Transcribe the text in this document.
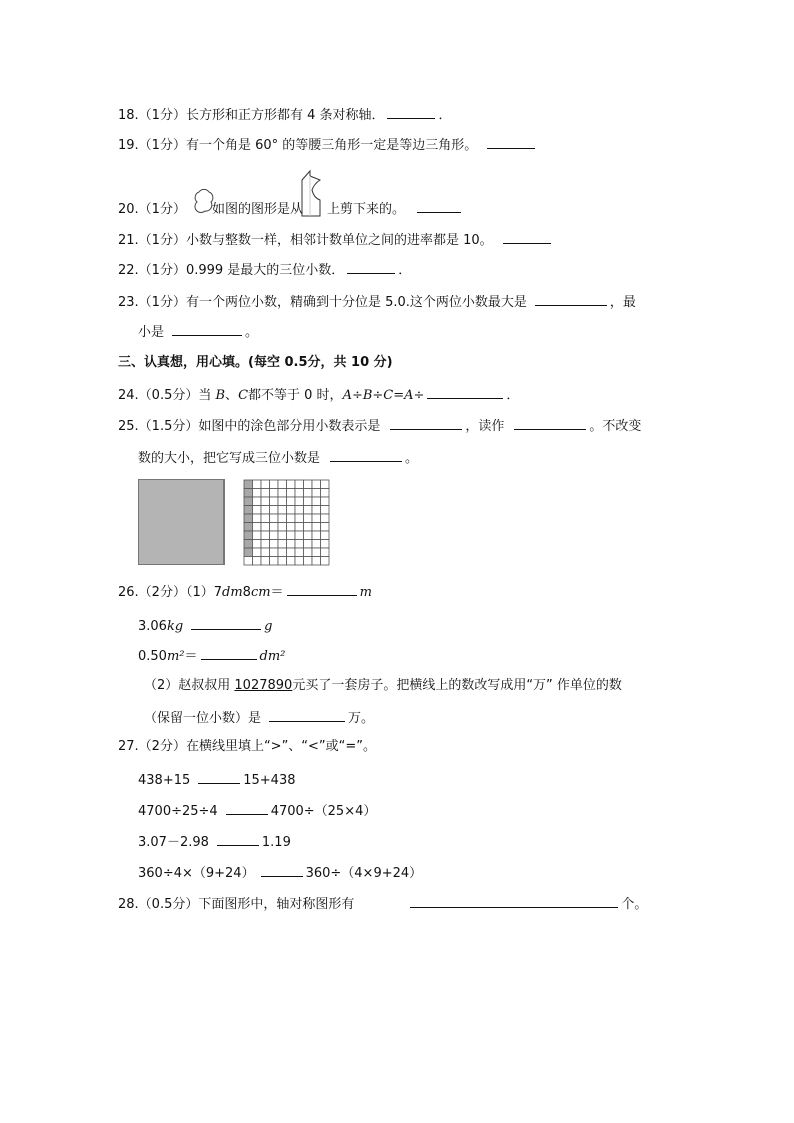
18.（1分）长方形和正方形都有 4 条对称轴．	．
19.（1分）有一个角是 60° 的等腰三角形一定是等边三角形。
20.（1分） 如图的图形是从 上剪下来的。
21.（1分）小数与整数一样，相邻计数单位之间的进率都是 10。
22.（1分）0.999 是最大的三位小数．	．
23.（1分）有一个两位小数，精确到十分位是 5.0.这个两位小数最大是	，最
小是	。
三、认真想，用心填。(每空 0.5分，共 10 分)
24.（0.5分）当 B、C都不等于 0 时，A÷B÷C=A÷	．
25.（1.5分）如图中的涂色部分用小数表示是	，读作	。不改变
数的大小，把它写成三位小数是	。
26.（2分）（1）7dm8cm＝	m
3.06kg	g
0.50m²＝	dm²
（2）赵叔叔用 1027890元买了一套房子。把横线上的数改写成用“万” 作单位的数
（保留一位小数）是	万。
27.（2分）在横线里填上“>”、“<”或“=”。
438+15	15+438
4700÷25÷4	4700÷（25×4）
3.07－2.98	1.19
360÷4×（9+24）	360÷（4×9+24）
28.（0.5分）下面图形中，轴对称图形有	个。
